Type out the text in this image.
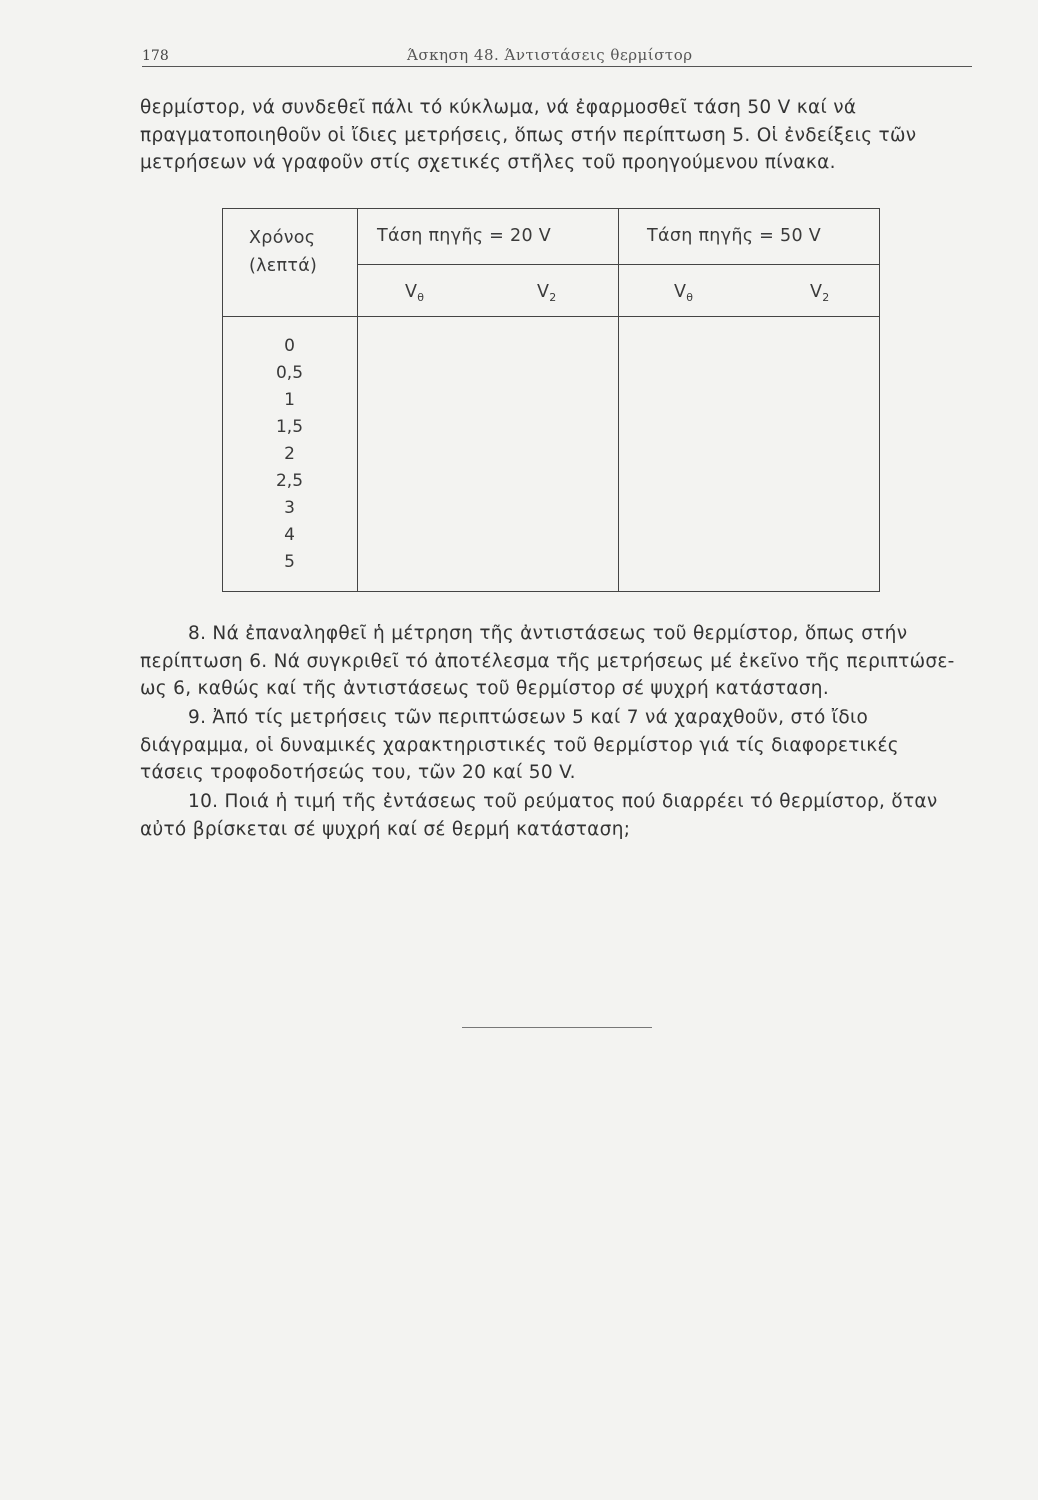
178	Άσκηση 48. Άντιστάσεις θερμίστορ
θερμίστορ, νά συνδεθεῖ πάλι τό κύκλωμα, νά ἐφαρμοσθεῖ τάση 50 V καί νά
πραγματοποιηθοῦν οἱ ἴδιες μετρήσεις, ὅπως στήν περίπτωση 5. Οἱ ἐνδείξεις τῶν
μετρήσεων νά γραφοῦν στίς σχετικές στῆλες τοῦ προηγούμενου πίνακα.
Χρόνος
(λεπτά)
Τάση πηγῆς = 20 V	Τάση πηγῆς = 50 V
$V_\theta$	$V_2$	$V_\theta$	$V_2$
0
0,5
1
1,5
2
2,5
3
4
5
8. Νά ἐπαναληφθεῖ ἡ μέτρηση τῆς ἀντιστάσεως τοῦ θερμίστορ, ὅπως στήν
περίπτωση 6. Νά συγκριθεῖ τό ἀποτέλεσμα τῆς μετρήσεως μέ ἐκεῖνο τῆς περιπτώσε-
ως 6, καθώς καί τῆς ἀντιστάσεως τοῦ θερμίστορ σέ ψυχρή κατάσταση.
9. Ἀπό τίς μετρήσεις τῶν περιπτώσεων 5 καί 7 νά χαραχθοῦν, στό ἴδιο
διάγραμμα, οἱ δυναμικές χαρακτηριστικές τοῦ θερμίστορ γιά τίς διαφορετικές
τάσεις τροφοδοτήσεώς του, τῶν 20 καί 50 V.
10. Ποιά ἡ τιμή τῆς ἐντάσεως τοῦ ρεύματος πού διαρρέει τό θερμίστορ, ὅταν
αὐτό βρίσκεται σέ ψυχρή καί σέ θερμή κατάσταση;
